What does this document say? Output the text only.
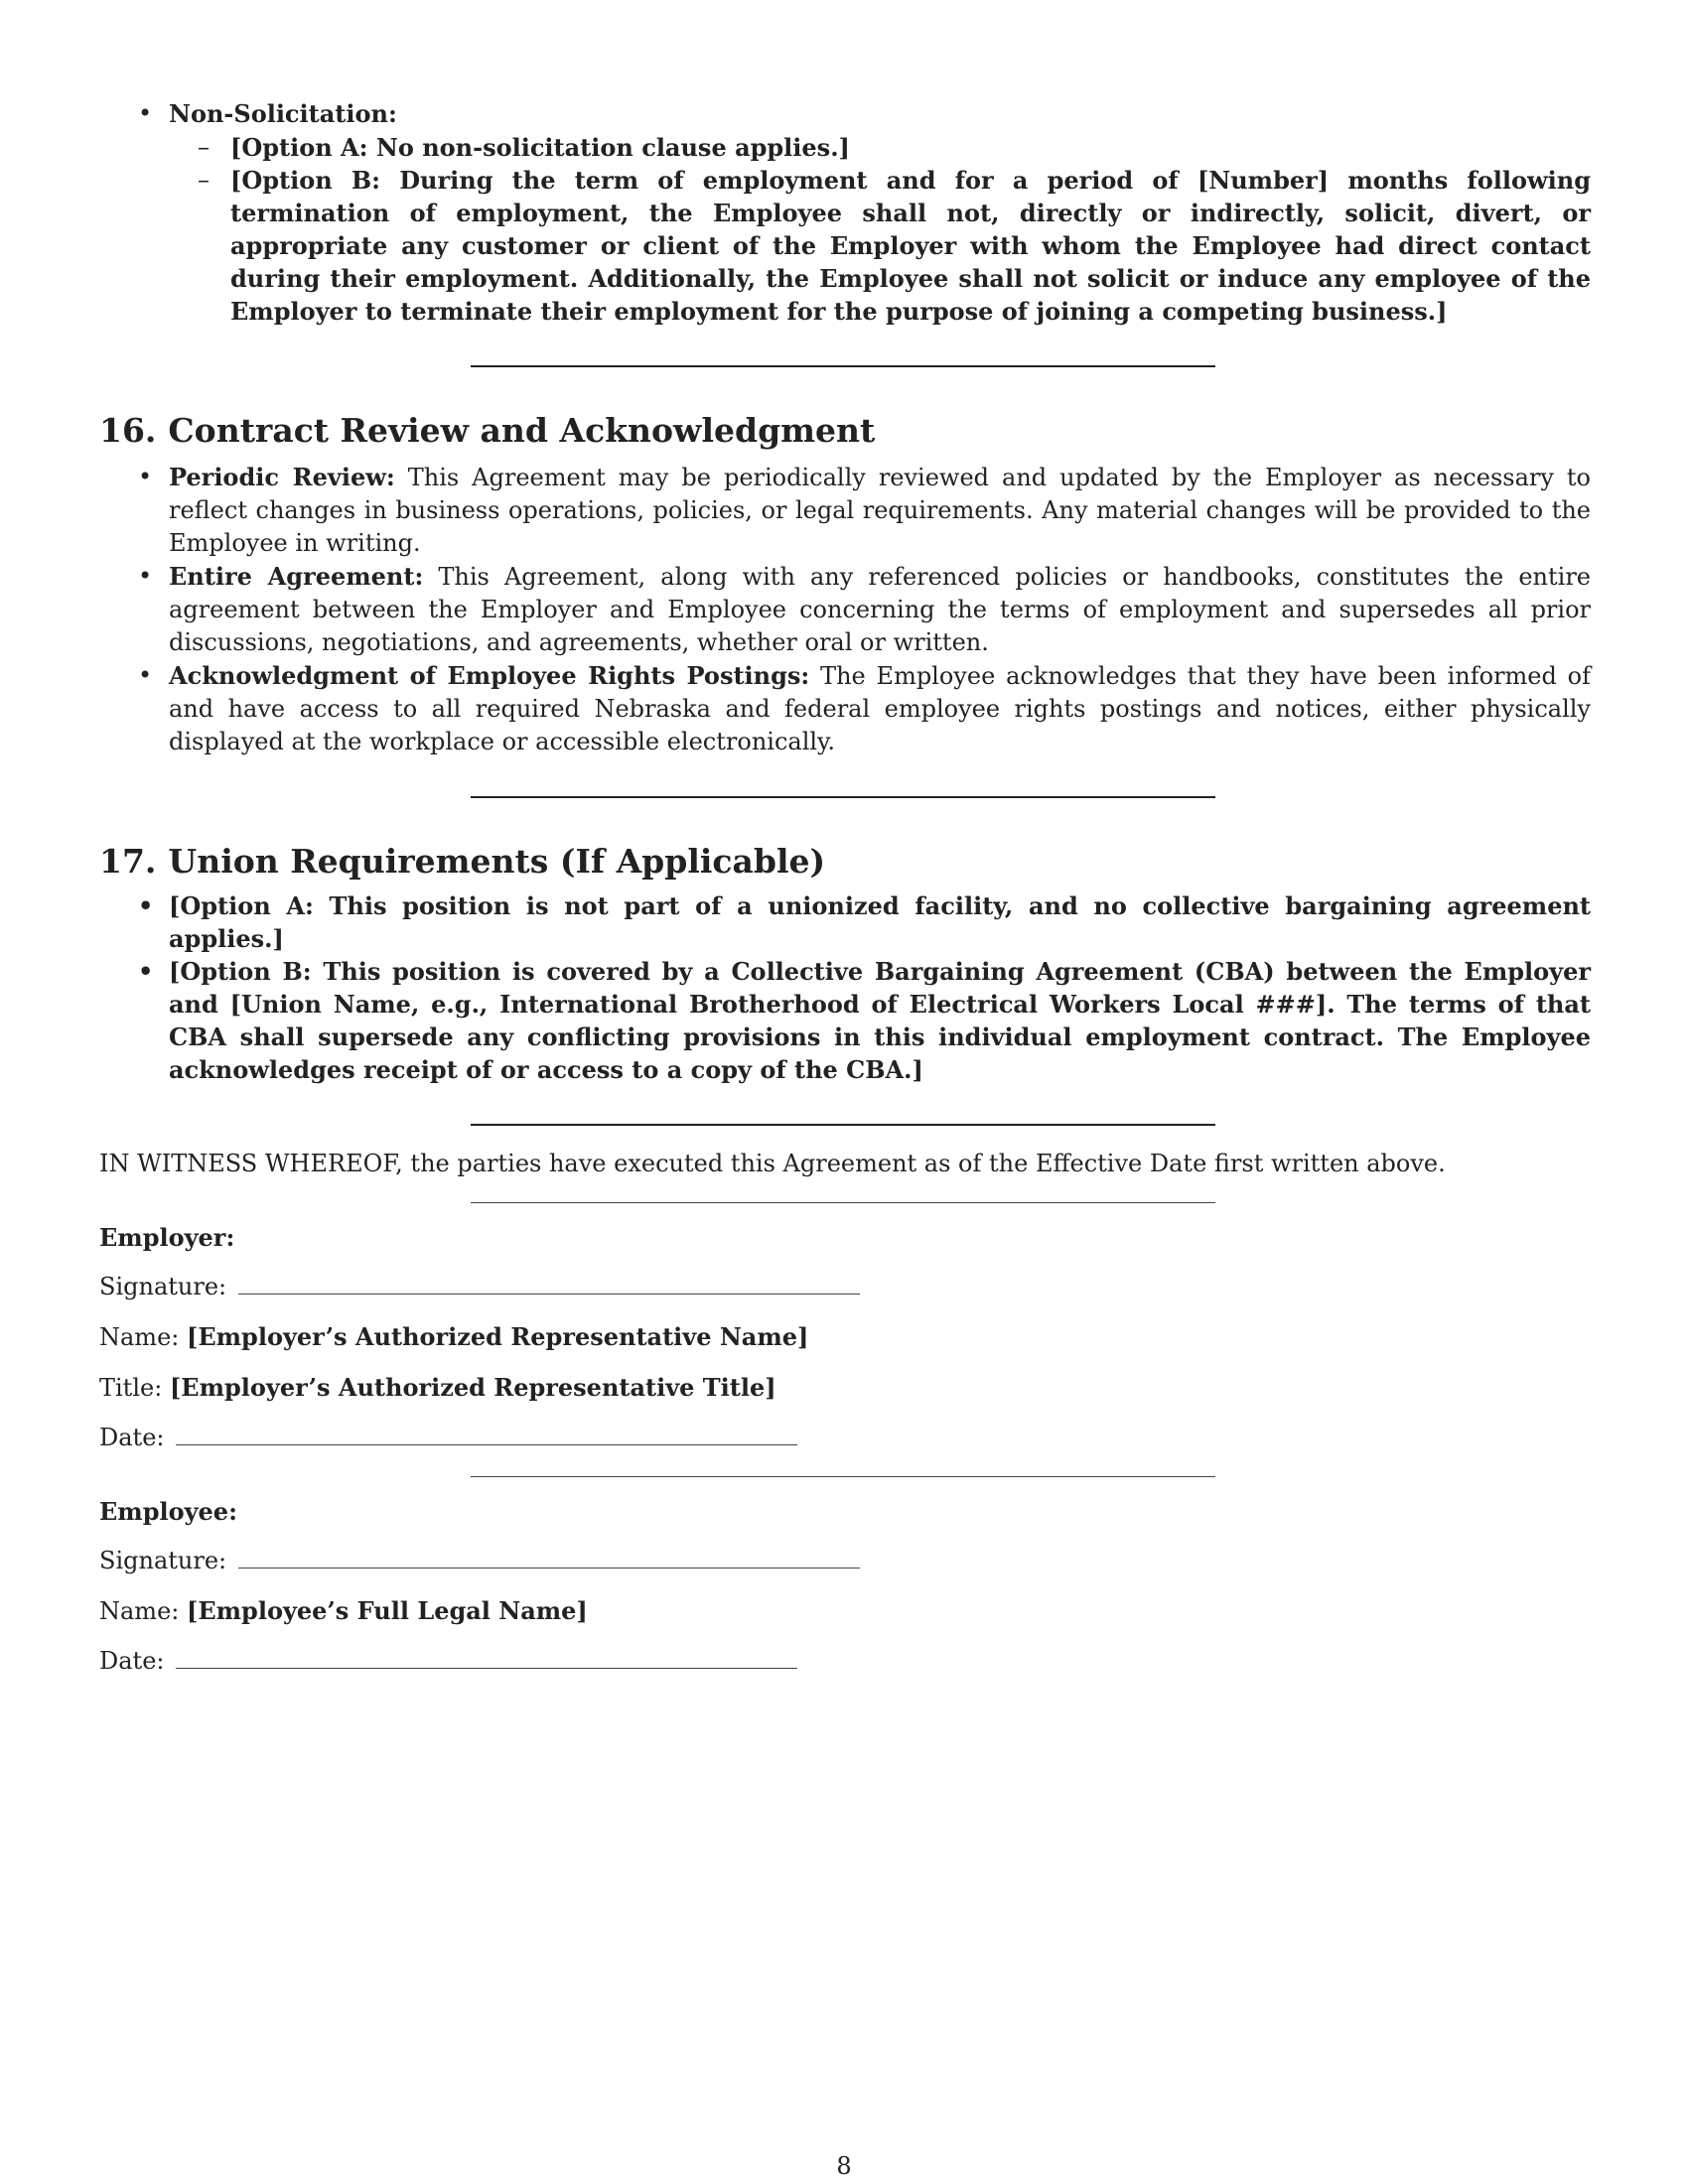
• Non-Solicitation:
– [Option A: No non-solicitation clause applies.]
– [Option B: During the term of employment and for a period of [Number] months following termination of employment, the Employee shall not, directly or indirectly, solicit, divert, or appropriate any customer or client of the Employer with whom the Employee had direct contact during their employment. Additionally, the Employee shall not solicit or induce any employee of the Employer to terminate their employment for the purpose of joining a competing business.]
16. Contract Review and Acknowledgment
• Periodic Review: This Agreement may be periodically reviewed and updated by the Employer as necessary to reflect changes in business operations, policies, or legal requirements. Any material changes will be provided to the Employee in writing.
• Entire Agreement: This Agreement, along with any referenced policies or handbooks, constitutes the entire agreement between the Employer and Employee concerning the terms of employment and supersedes all prior discussions, negotiations, and agreements, whether oral or written.
• Acknowledgment of Employee Rights Postings: The Employee acknowledges that they have been informed of and have access to all required Nebraska and federal employee rights postings and notices, either physically displayed at the workplace or accessible electronically.
17. Union Requirements (If Applicable)
• [Option A: This position is not part of a unionized facility, and no collective bargaining agreement applies.]
• [Option B: This position is covered by a Collective Bargaining Agreement (CBA) between the Employer and [Union Name, e.g., International Brotherhood of Electrical Workers Local ###]. The terms of that CBA shall supersede any conflicting provisions in this individual employment contract. The Employee acknowledges receipt of or access to a copy of the CBA.]

IN WITNESS WHEREOF, the parties have executed this Agreement as of the Effective Date first written above.

Employer:
Signature:
Name:
[Employer’s Authorized Representative Name]
Title:
[Employer’s Authorized Representative Title]
Date:
Employee:
Signature:
Name:
[Employee’s Full Legal Name]
Date:
8
